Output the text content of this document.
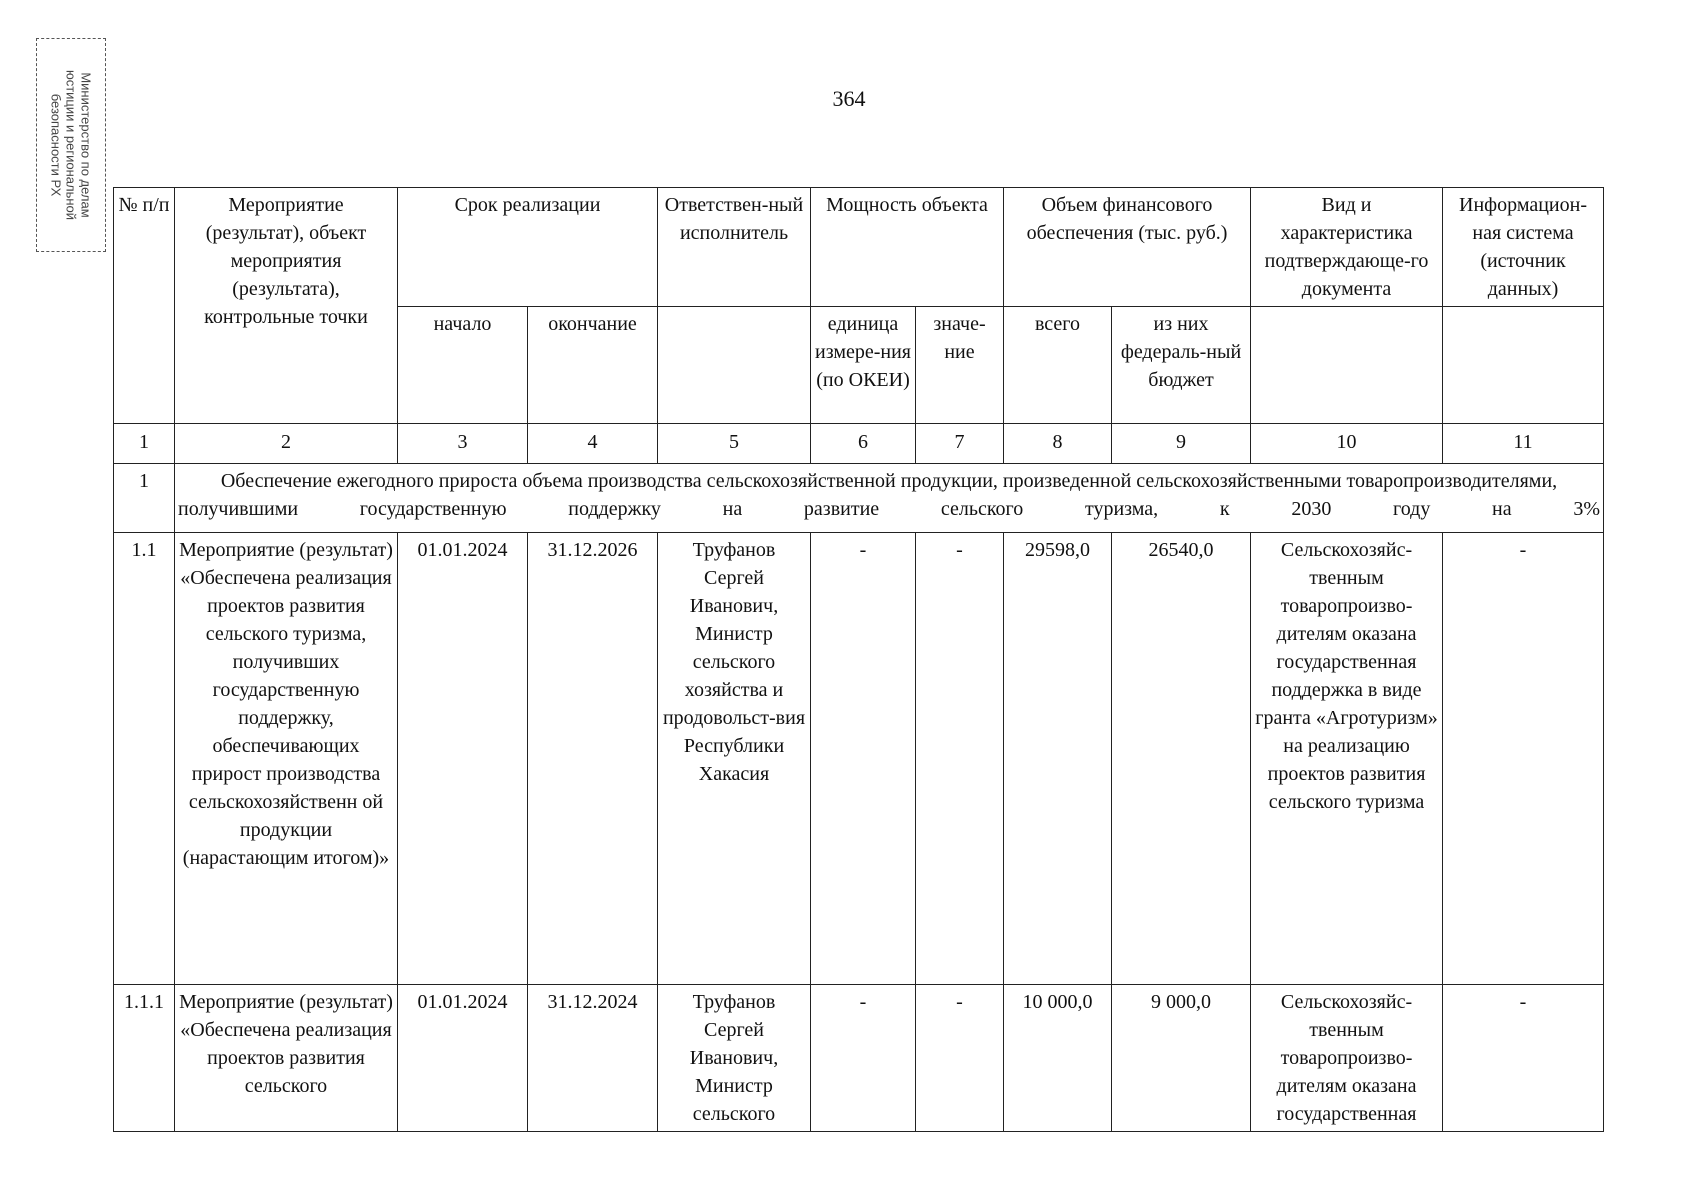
Министерство по делам
юстиции и региональной
безопасности РХ	364
№ п/п	Мероприятие (результат), объект мероприятия (результата), контрольные точки	Срок реализации		Ответствен-ный исполнитель	Мощность объекта		Объем финансового обеспечения (тыс. руб.)		Вид и характеристика подтверждающе-го документа	Информацион-ная система (источник данных)
		начало	окончание		единица измере-ния (по ОКЕИ)	значе-ние	всего	из них федераль-ный бюджет		
1	2	3	4	5	6	7	8	9	10	11
1	Обеспечение ежегодного прироста объема производства сельскохозяйственной продукции, произведенной сельскохозяйственными товаропроизводителями, получившими государственную поддержку на развитие сельского туризма, к 2030 году на 3%									
1.1	Мероприятие (результат) «Обеспечена реализация проектов развития сельского туризма, получивших государственную поддержку, обеспечивающих прирост производства сельскохозяйственн ой продукции (нарастающим итогом)»	01.01.2024	31.12.2026	Труфанов Сергей Иванович, Министр сельского хозяйства и продовольст-вия Республики Хакасия	-	-	29598,0	26540,0	Сельскохозяйс-твенным товаропроизво-дителям оказана государственная поддержка в виде гранта «Агротуризм» на реализацию проектов развития сельского туризма	-
1.1.1	Мероприятие (результат) «Обеспечена реализация проектов развития сельского	01.01.2024	31.12.2024	Труфанов Сергей Иванович, Министр сельского	-	-	10 000,0	9 000,0	Сельскохозяйс-твенным товаропроизво-дителям оказана государственная	-
